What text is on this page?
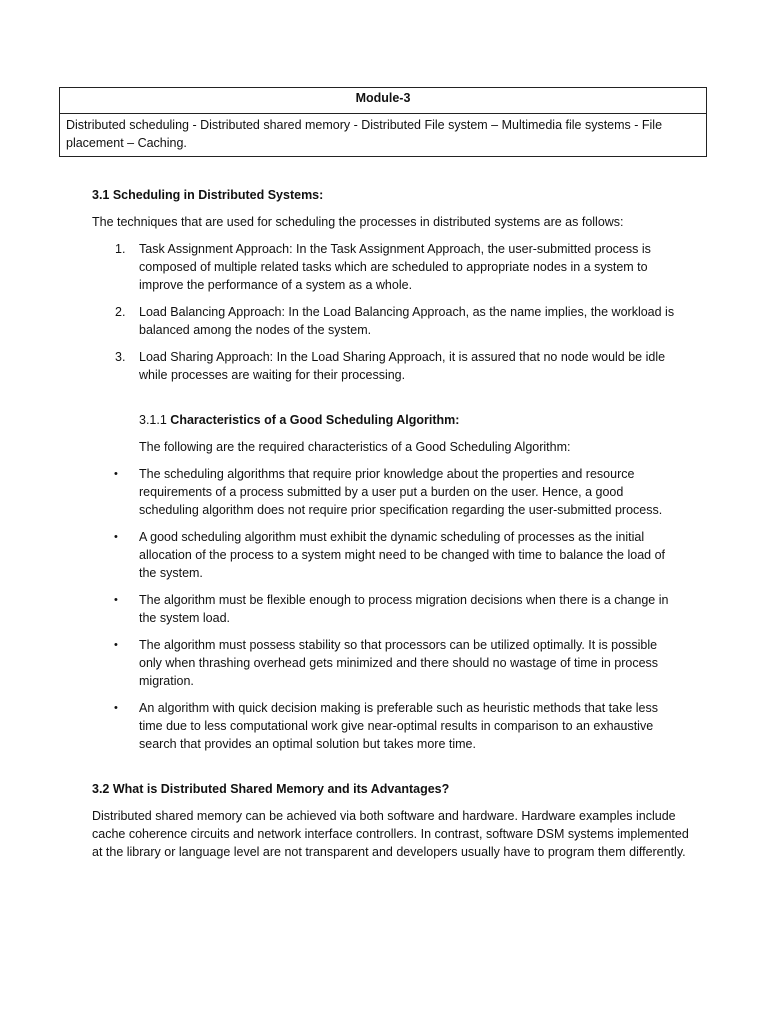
Module-3
Distributed scheduling - Distributed shared memory - Distributed File system – Multimedia file systems - File placement – Caching.
3.1 Scheduling in Distributed Systems:

The techniques that are used for scheduling the processes in distributed systems are as follows:

1. Task Assignment Approach: In the Task Assignment Approach, the user-submitted process is composed of multiple related tasks which are scheduled to appropriate nodes in a system to improve the performance of a system as a whole.
2. Load Balancing Approach: In the Load Balancing Approach, as the name implies, the workload is balanced among the nodes of the system.
3. Load Sharing Approach: In the Load Sharing Approach, it is assured that no node would be idle while processes are waiting for their processing.

3.1.1 Characteristics of a Good Scheduling Algorithm:

The following are the required characteristics of a Good Scheduling Algorithm:

• The scheduling algorithms that require prior knowledge about the properties and resource requirements of a process submitted by a user put a burden on the user. Hence, a good scheduling algorithm does not require prior specification regarding the user-submitted process.
• A good scheduling algorithm must exhibit the dynamic scheduling of processes as the initial allocation of the process to a system might need to be changed with time to balance the load of the system.
• The algorithm must be flexible enough to process migration decisions when there is a change in the system load.
• The algorithm must possess stability so that processors can be utilized optimally. It is possible only when thrashing overhead gets minimized and there should no wastage of time in process migration.
• An algorithm with quick decision making is preferable such as heuristic methods that take less time due to less computational work give near-optimal results in comparison to an exhaustive search that provides an optimal solution but takes more time.
3.2 What is Distributed Shared Memory and its Advantages?

Distributed shared memory can be achieved via both software and hardware. Hardware examples include cache coherence circuits and network interface controllers. In contrast, software DSM systems implemented at the library or language level are not transparent and developers usually have to program them differently.
